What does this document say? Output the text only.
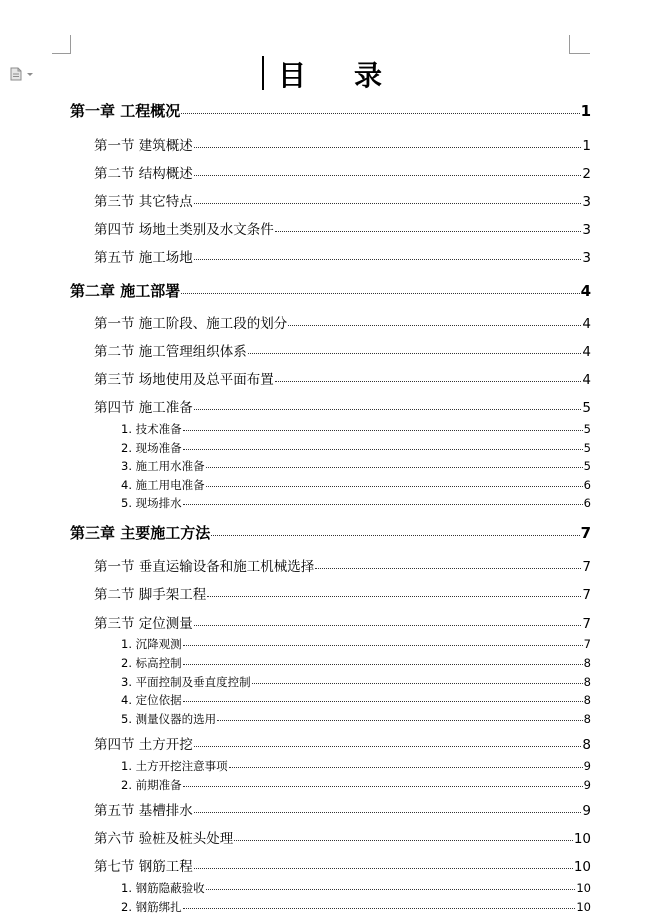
目 录
第一章 工程概况	1
第一节 建筑概述	1
第二节 结构概述	2
第三节 其它特点	3
第四节 场地土类别及水文条件	3
第五节 施工场地	3
第二章 施工部署	4
第一节 施工阶段、施工段的划分	4
第二节 施工管理组织体系	4
第三节 场地使用及总平面布置	4
第四节 施工准备	5
1. 技术准备	5
2. 现场准备	5
3. 施工用水准备	5
4. 施工用电准备	6
5. 现场排水	6
第三章 主要施工方法	7
第一节 垂直运输设备和施工机械选择	7
第二节 脚手架工程	7
第三节 定位测量	7
1. 沉降观测	7
2. 标高控制	8
3. 平面控制及垂直度控制	8
4. 定位依据	8
5. 测量仪器的选用	8
第四节 土方开挖	8
1. 土方开挖注意事项	9
2. 前期准备	9
第五节 基槽排水	9
第六节 验桩及桩头处理	10
第七节 钢筋工程	10
1. 钢筋隐蔽验收	10
2. 钢筋绑扎	10
